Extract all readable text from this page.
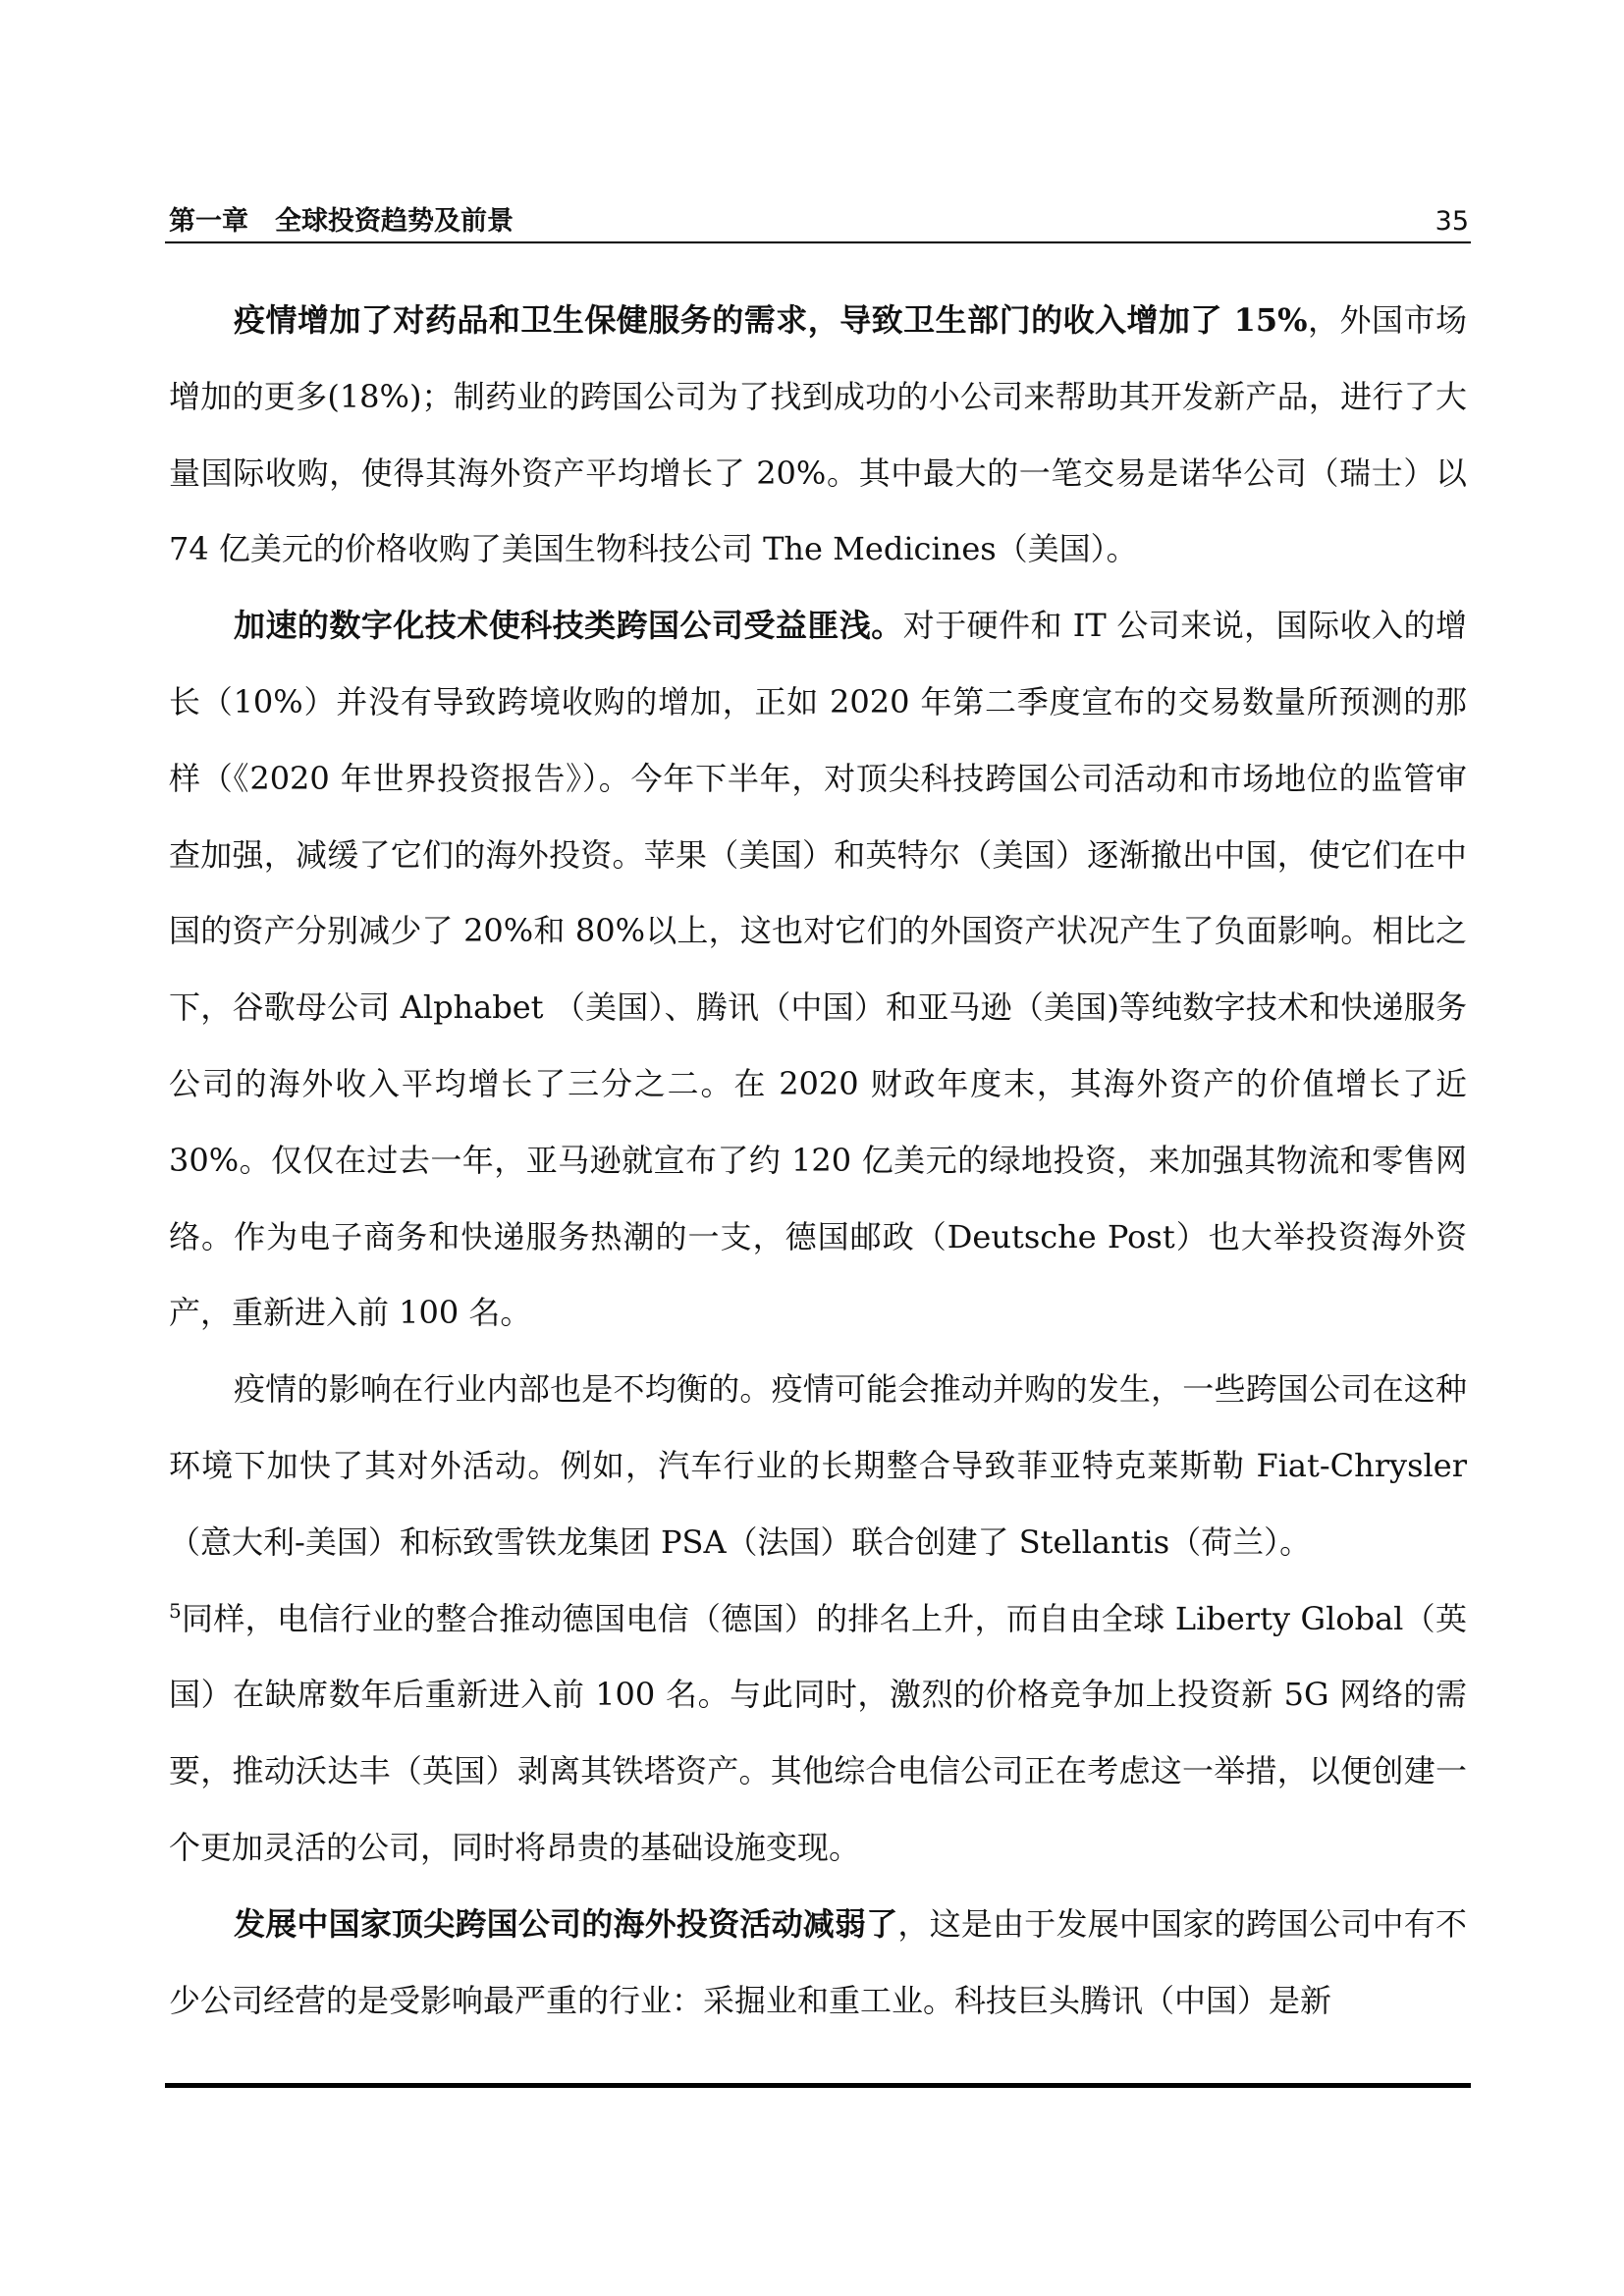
第一章　全球投资趋势及前景	35

疫情增加了对药品和卫生保健服务的需求，导致卫生部门的收入增加了 15%，外国市场增加的更多(18%)；制药业的跨国公司为了找到成功的小公司来帮助其开发新产品，进行了大量国际收购，使得其海外资产平均增长了 20%。其中最大的一笔交易是诺华公司（瑞士）以 74 亿美元的价格收购了美国生物科技公司 The Medicines（美国）。

加速的数字化技术使科技类跨国公司受益匪浅。对于硬件和 IT 公司来说，国际收入的增长（10%）并没有导致跨境收购的增加，正如 2020 年第二季度宣布的交易数量所预测的那样（《2020 年世界投资报告》）。今年下半年，对顶尖科技跨国公司活动和市场地位的监管审查加强，减缓了它们的海外投资。苹果（美国）和英特尔（美国）逐渐撤出中国，使它们在中国的资产分别减少了 20%和 80%以上，这也对它们的外国资产状况产生了负面影响。相比之下，谷歌母公司 Alphabet （美国）、腾讯（中国）和亚马逊（美国)等纯数字技术和快递服务公司的海外收入平均增长了三分之二。在 2020 财政年度末，其海外资产的价值增长了近 30%。仅仅在过去一年，亚马逊就宣布了约 120 亿美元的绿地投资，来加强其物流和零售网络。作为电子商务和快递服务热潮的一支，德国邮政（Deutsche Post）也大举投资海外资产，重新进入前 100 名。

疫情的影响在行业内部也是不均衡的。疫情可能会推动并购的发生，一些跨国公司在这种环境下加快了其对外活动。例如，汽车行业的长期整合导致菲亚特克莱斯勒 Fiat-Chrysler（意大利-美国）和标致雪铁龙集团 PSA（法国）联合创建了 Stellantis（荷兰）。
$^5$同样，电信行业的整合推动德国电信（德国）的排名上升，而自由全球 Liberty Global（英国）在缺席数年后重新进入前 100 名。与此同时，激烈的价格竞争加上投资新 5G 网络的需要，推动沃达丰（英国）剥离其铁塔资产。其他综合电信公司正在考虑这一举措，以便创建一个更加灵活的公司，同时将昂贵的基础设施变现。

发展中国家顶尖跨国公司的海外投资活动减弱了，这是由于发展中国家的跨国公司中有不少公司经营的是受影响最严重的行业：采掘业和重工业。科技巨头腾讯（中国）是新
